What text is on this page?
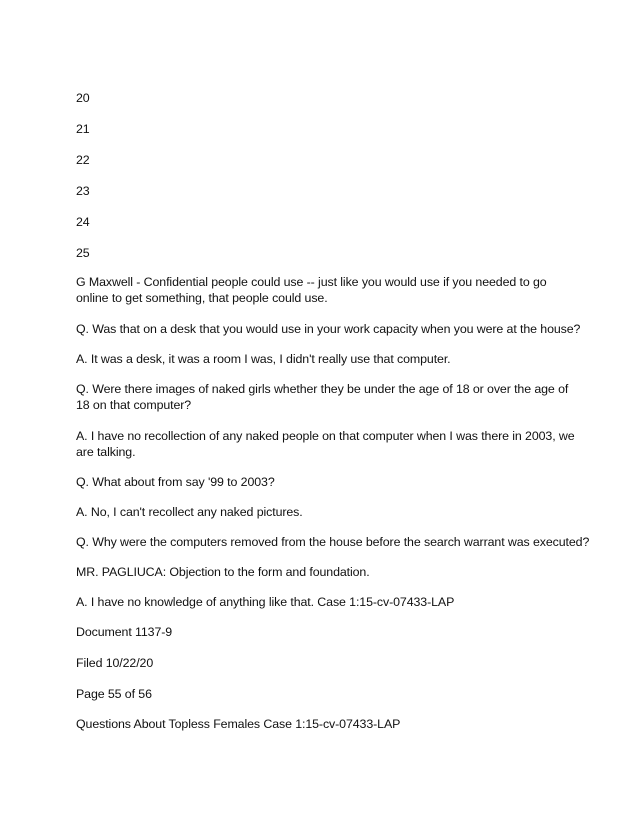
20
21
22
23
24
25
G Maxwell - Confidential people could use -- just like you would use if you needed to go online to get something, that people could use.
Q. Was that on a desk that you would use in your work capacity when you were at the house?
A. It was a desk, it was a room I was, I didn't really use that computer.
Q. Were there images of naked girls whether they be under the age of 18 or over the age of 18 on that computer?
A. I have no recollection of any naked people on that computer when I was there in 2003, we are talking.
Q. What about from say '99 to 2003?
A. No, I can't recollect any naked pictures.
Q. Why were the computers removed from the house before the search warrant was executed?
MR. PAGLIUCA: Objection to the form and foundation.
A. I have no knowledge of anything like that. Case 1:15-cv-07433-LAP
Document 1137-9
Filed 10/22/20
Page 55 of 56
Questions About Topless Females Case 1:15-cv-07433-LAP
